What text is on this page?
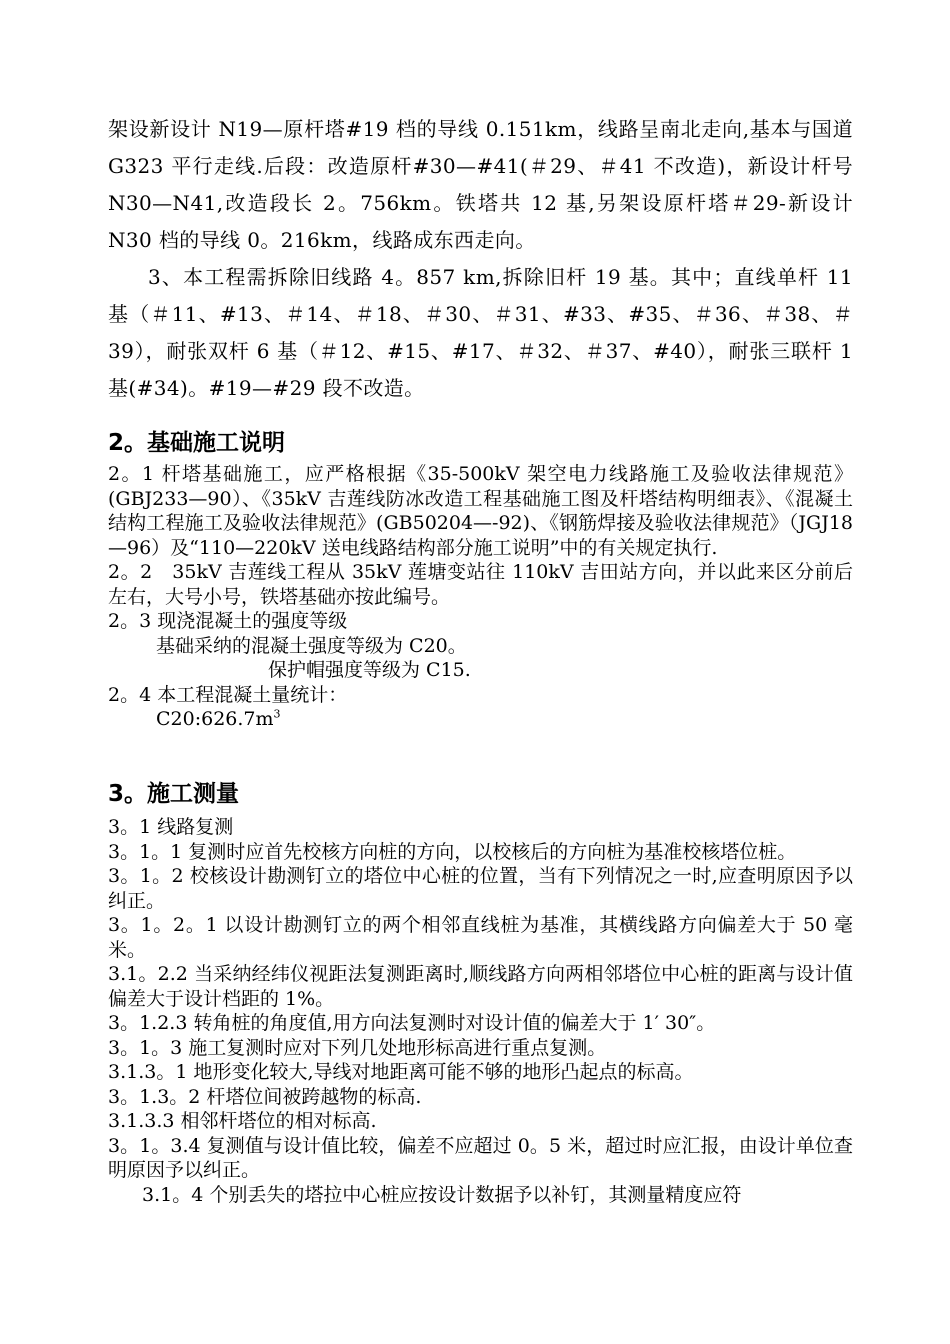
架设新设计 N19—原杆塔#19 档的导线 0.151km，线路呈南北走向,基本与国道 G323 平行走线.后段：改造原杆#30—#41(＃29、＃41 不改造)，新设计杆号 N30—N41,改造段长 2。756km。铁塔共 12 基,另架设原杆塔＃29-新设计 N30 档的导线 0。216km，线路成东西走向。

3、本工程需拆除旧线路 4。857 km,拆除旧杆 19 基。其中；直线单杆 11 基（＃11、#13、＃14、＃18、＃30、＃31、#33、#35、＃36、＃38、＃39），耐张双杆 6 基（＃12、#15、#17、＃32、＃37、#40），耐张三联杆 1 基(#34)。#19—#29 段不改造。

2。基础施工说明

2。1 杆塔基础施工，应严格根据《35-500kV 架空电力线路施工及验收法律规范》(GBJ233—90）、《35kV 吉莲线防冰改造工程基础施工图及杆塔结构明细表》、《混凝土结构工程施工及验收法律规范》(GB50204—-92)、《钢筋焊接及验收法律规范》（JGJ18—96）及“110—220kV 送电线路结构部分施工说明”中的有关规定执行.

2。2　35kV 吉莲线工程从 35kV 莲塘变站往 110kV 吉田站方向，并以此来区分前后左右，大号小号，铁塔基础亦按此编号。

2。3 现浇混凝土的强度等级

基础采纳的混凝土强度等级为 C20。

保护帽强度等级为 C15.

2。4 本工程混凝土量统计：

$C20:626.7m^3$

3。施工测量

3。1 线路复测

3。1。1 复测时应首先校核方向桩的方向，以校核后的方向桩为基准校核塔位桩。

3。1。2 校核设计勘测钉立的塔位中心桩的位置，当有下列情况之一时,应查明原因予以纠正。

3。1。2。1 以设计勘测钉立的两个相邻直线桩为基准，其横线路方向偏差大于 50 毫米。

3.1。2.2 当采纳经纬仪视距法复测距离时,顺线路方向两相邻塔位中心桩的距离与设计值偏差大于设计档距的 1%。

3。1.2.3 转角桩的角度值,用方向法复测时对设计值的偏差大于 1′ 30″。

3。1。3 施工复测时应对下列几处地形标高进行重点复测。

3.1.3。1 地形变化较大,导线对地距离可能不够的地形凸起点的标高。

3。1.3。2 杆塔位间被跨越物的标高.

3.1.3.3 相邻杆塔位的相对标高.

3。1。3.4 复测值与设计值比较，偏差不应超过 0。5 米，超过时应汇报，由设计单位查明原因予以纠正。

3.1。4 个别丢失的塔拉中心桩应按设计数据予以补钉，其测量精度应符
